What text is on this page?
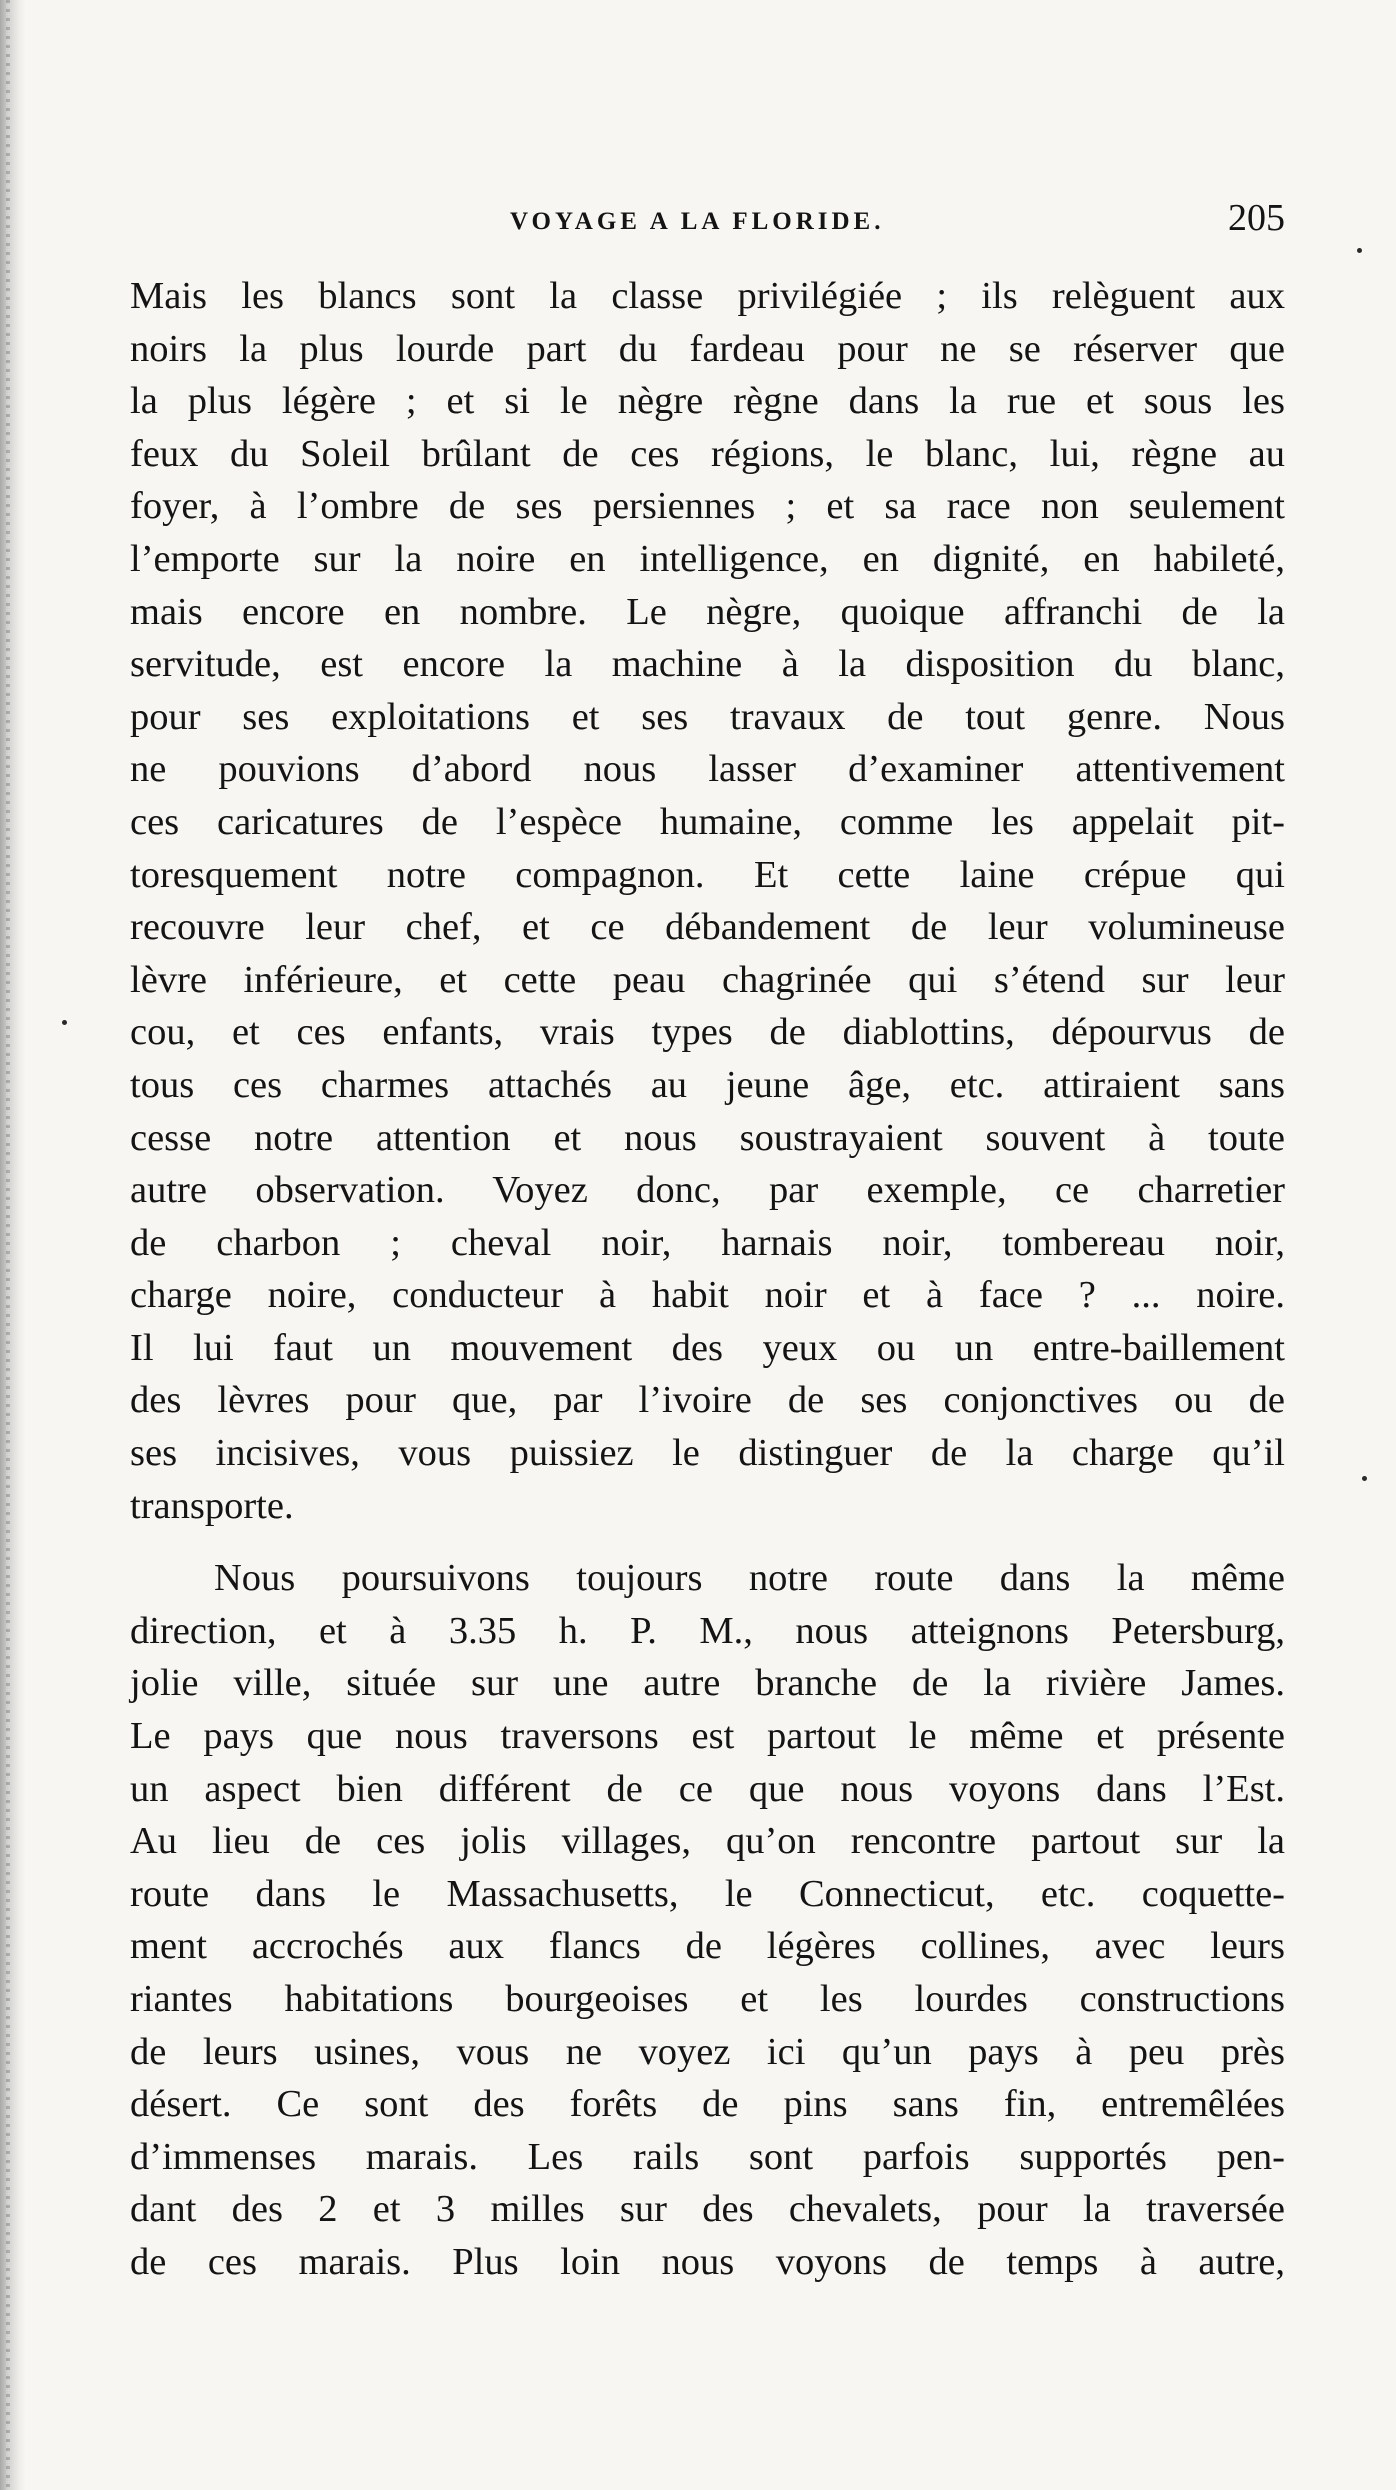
VOYAGE A LA FLORIDE.	205
Mais les blancs sont la classe privilégiée ; ils relèguent aux
noirs la plus lourde part du fardeau pour ne se réserver que
la plus légère ; et si le nègre règne dans la rue et sous les
feux du Soleil brûlant de ces régions, le blanc, lui, règne au
foyer, à l’ombre de ses persiennes ; et sa race non seulement
l’emporte sur la noire en intelligence, en dignité, en habileté,
mais encore en nombre. Le nègre, quoique affranchi de la
servitude, est encore la machine à la disposition du blanc,
pour ses exploitations et ses travaux de tout genre. Nous
ne pouvions d’abord nous lasser d’examiner attentivement
ces caricatures de l’espèce humaine, comme les appelait pit-
toresquement notre compagnon. Et cette laine crépue qui
recouvre leur chef, et ce débandement de leur volumineuse
lèvre inférieure, et cette peau chagrinée qui s’étend sur leur
cou, et ces enfants, vrais types de diablottins, dépourvus de
tous ces charmes attachés au jeune âge, etc. attiraient sans
cesse notre attention et nous soustrayaient souvent à toute
autre observation. Voyez donc, par exemple, ce charretier
de charbon ; cheval noir, harnais noir, tombereau noir,
charge noire, conducteur à habit noir et à face ? ... noire.
Il lui faut un mouvement des yeux ou un entre-baillement
des lèvres pour que, par l’ivoire de ses conjonctives ou de
ses incisives, vous puissiez le distinguer de la charge qu’il
transporte.
Nous poursuivons toujours notre route dans la même
direction, et à 3.35 h. P. M., nous atteignons Petersburg,
jolie ville, située sur une autre branche de la rivière James.
Le pays que nous traversons est partout le même et présente
un aspect bien différent de ce que nous voyons dans l’Est.
Au lieu de ces jolis villages, qu’on rencontre partout sur la
route dans le Massachusetts, le Connecticut, etc. coquette-
ment accrochés aux flancs de légères collines, avec leurs
riantes habitations bourgeoises et les lourdes constructions
de leurs usines, vous ne voyez ici qu’un pays à peu près
désert. Ce sont des forêts de pins sans fin, entremêlées
d’immenses marais. Les rails sont parfois supportés pen-
dant des 2 et 3 milles sur des chevalets, pour la traversée
de ces marais. Plus loin nous voyons de temps à autre,
